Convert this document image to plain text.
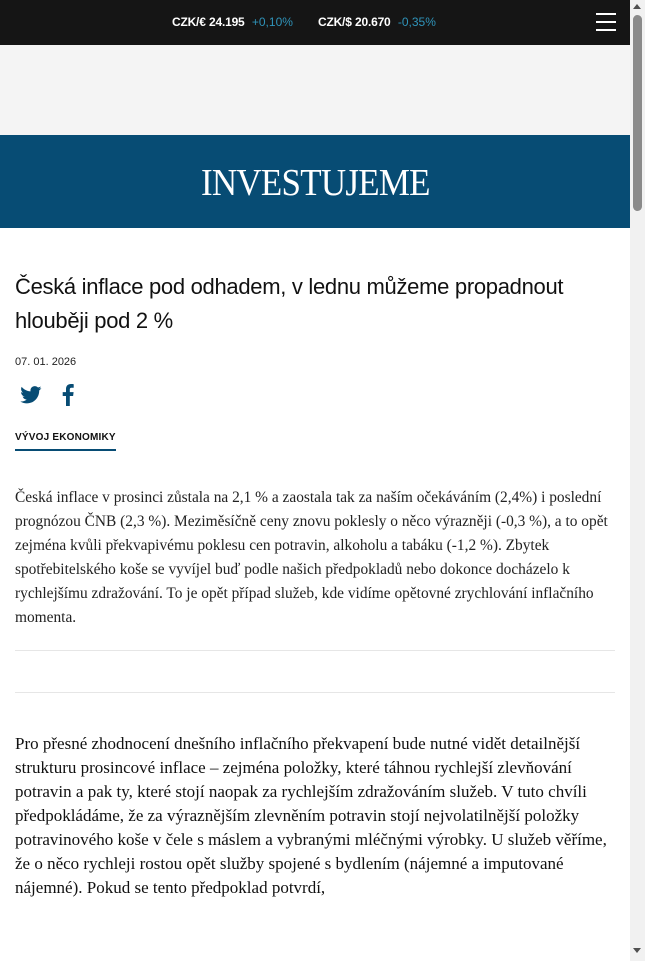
CZK/€ 24.195 +0,10% CZK/$ 20.670 -0,35%
INVESTUJEME
Česká inflace pod odhadem, v lednu můžeme propadnout hlouběji pod 2 %
07. 01. 2026
VÝVOJ EKONOMIKY
Česká inflace v prosinci zůstala na 2,1 % a zaostala tak za naším očekáváním (2,4%) i poslední prognózou ČNB (2,3 %). Meziměsíčně ceny znovu poklesly o něco výrazněji (-0,3 %), a to opět zejména kvůli překvapivému poklesu cen potravin, alkoholu a tabáku (-1,2 %). Zbytek spotřebitelského koše se vyvíjel buď podle našich předpokladů nebo dokonce docházelo k rychlejšímu zdražování. To je opět případ služeb, kde vidíme opětovné zrychlování inflačního momenta.
Pro přesné zhodnocení dnešního inflačního překvapení bude nutné vidět detailnější strukturu prosincové inflace – zejména položky, které táhnou rychlejší zlevňování potravin a pak ty, které stojí naopak za rychlejším zdražováním služeb. V tuto chvíli předpokládáme, že za výraznějším zlevněním potravin stojí nejvolatilnější položky potravinového koše v čele s máslem a vybranými mléčnými výrobky. U služeb věříme, že o něco rychleji rostou opět služby spojené s bydlením (nájemné a imputované nájemné). Pokud se tento předpoklad potvrdí,
